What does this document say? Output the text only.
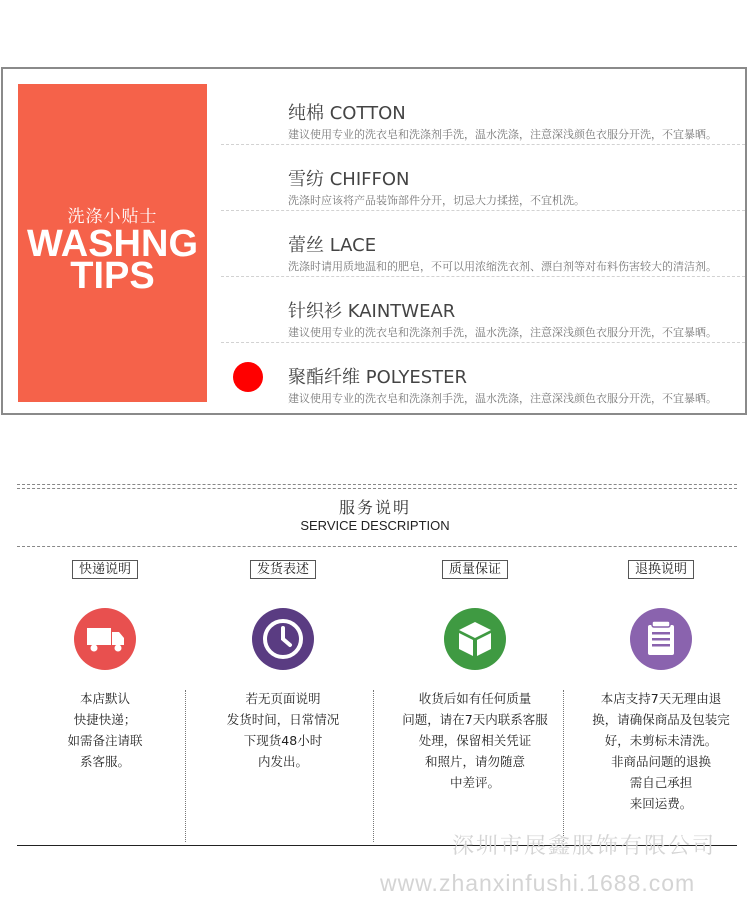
洗涤小贴士
WASHNG
TIPS
纯棉 COTTON
建议使用专业的洗衣皂和洗涤剂手洗，温水洗涤，注意深浅颜色衣服分开洗，不宜暴晒。
雪纺 CHIFFON
洗涤时应该将产品装饰部件分开，切忌大力揉搓，不宜机洗。
蕾丝 LACE
洗涤时请用质地温和的肥皂，不可以用浓缩洗衣剂、漂白剂等对布料伤害较大的清洁剂。
针织衫 KAINTWEAR
建议使用专业的洗衣皂和洗涤剂手洗，温水洗涤，注意深浅颜色衣服分开洗，不宜暴晒。
聚酯纤维 POLYESTER
建议使用专业的洗衣皂和洗涤剂手洗，温水洗涤，注意深浅颜色衣服分开洗，不宜暴晒。
服务说明
SERVICE DESCRIPTION
快递说明
本店默认
快捷快递；
如需备注请联
系客服。
发货表述
若无页面说明
发货时间，日常情况
下现货48小时
内发出。
质量保证
收货后如有任何质量
问题，请在7天内联系客服
处理，保留相关凭证
和照片，请勿随意
中差评。
退换说明
本店支持7天无理由退
换，请确保商品及包装完
好，未剪标未清洗。
非商品问题的退换
需自己承担
来回运费。
深圳市展鑫服饰有限公司
www.zhanxinfushi.1688.com
